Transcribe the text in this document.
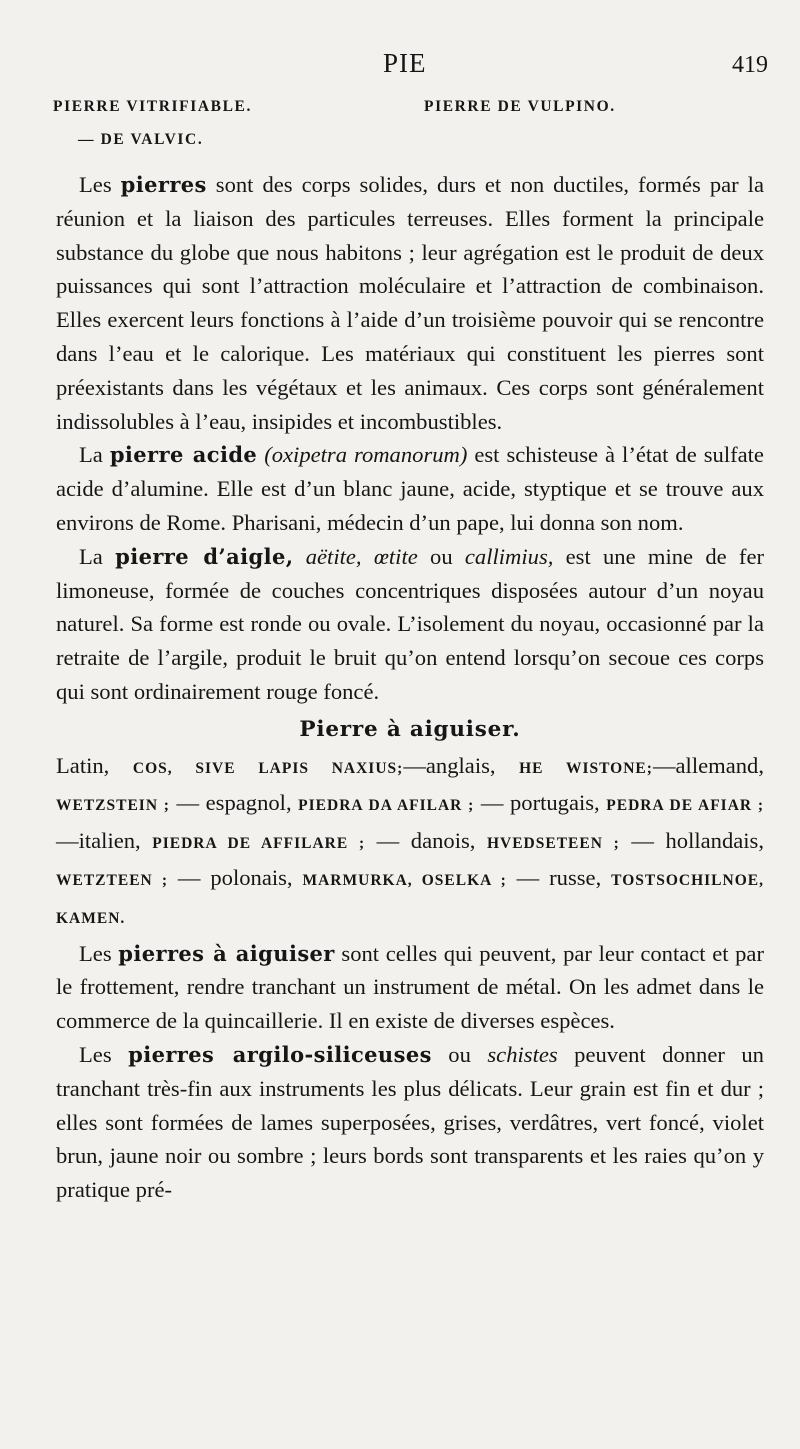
PIE	419
PIERRE VITRIFIABLE.	PIERRE DE VULPINO.
— DE VALVIC.

Les pierres sont des corps solides, durs et non ductiles, formés par la réunion et la liaison des particules terreuses. Elles forment la principale substance du globe que nous habitons ; leur agrégation est le produit de deux puissances qui sont l’attraction moléculaire et l’attraction de combinaison. Elles exercent leurs fonctions à l’aide d’un troisième pouvoir qui se rencontre dans l’eau et le calorique. Les matériaux qui constituent les pierres sont préexistants dans les végétaux et les animaux. Ces corps sont généralement indissolubles à l’eau, insipides et incombustibles.

La pierre acide (oxipetra romanorum) est schisteuse à l’état de sulfate acide d’alumine. Elle est d’un blanc jaune, acide, styptique et se trouve aux environs de Rome. Pharisani, médecin d’un pape, lui donna son nom.

La pierre d’aigle, aëtite, œtite ou callimius, est une mine de fer limoneuse, formée de couches concentriques disposées autour d’un noyau naturel. Sa forme est ronde ou ovale. L’isolement du noyau, occasionné par la retraite de l’argile, produit le bruit qu’on entend lorsqu’on secoue ces corps qui sont ordinairement rouge foncé.

Pierre à aiguiser.

Latin, COS, SIVE LAPIS NAXIUS;—anglais, HE WISTONE;—allemand, WETZSTEIN ; — espagnol, PIEDRA DA AFILAR ; — portugais, PEDRA DE AFIAR ; —italien, PIEDRA DE AFFILARE ; — danois, HVEDSETEEN ; — hollandais, WETZTEEN ; — polonais, MARMURKA, OSELKA ; — russe, TOSTSOCHILNOE, KAMEN.

Les pierres à aiguiser sont celles qui peuvent, par leur contact et par le frottement, rendre tranchant un instrument de métal. On les admet dans le commerce de la quincaillerie. Il en existe de diverses espèces.

Les pierres argilo-siliceuses ou schistes peuvent donner un tranchant très-fin aux instruments les plus délicats. Leur grain est fin et dur ; elles sont formées de lames superposées, grises, verdâtres, vert foncé, violet brun, jaune noir ou sombre ; leurs bords sont transparents et les raies qu’on y pratique pré-
